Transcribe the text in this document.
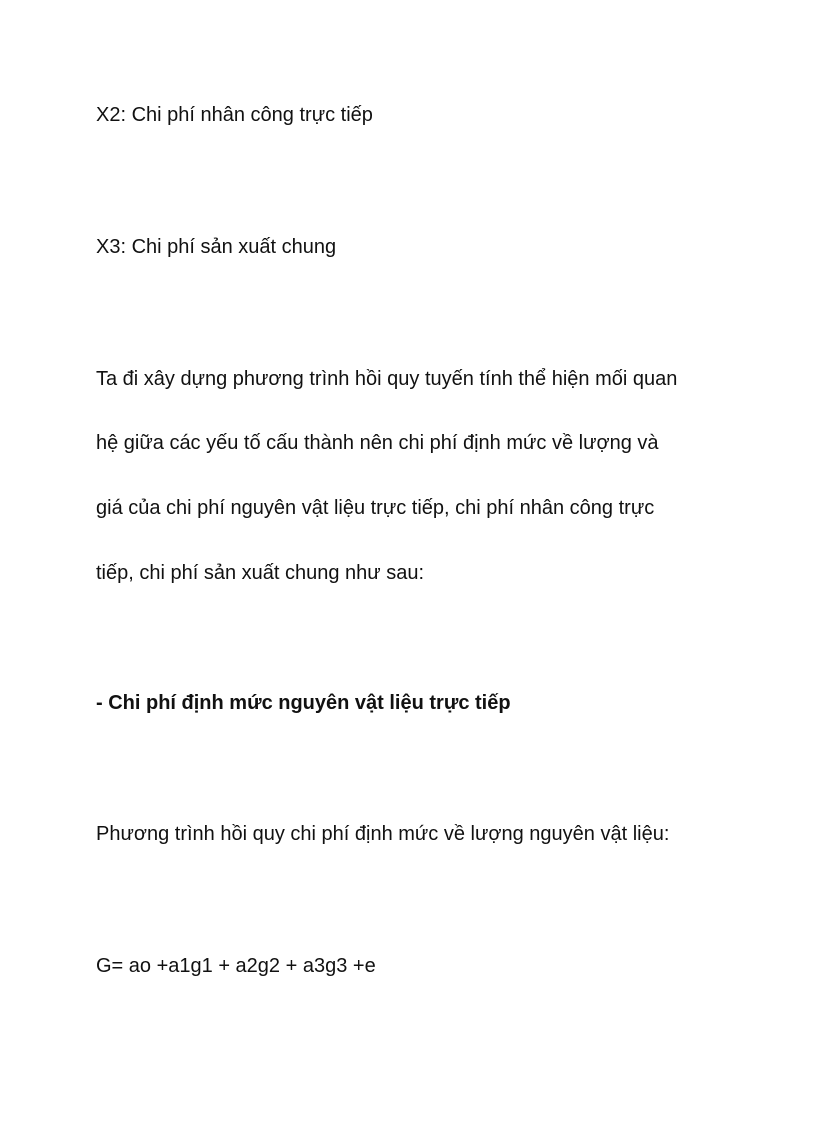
X2: Chi phí nhân công trực tiếp

X3: Chi phí sản xuất chung

Ta đi xây dựng phương trình hồi quy tuyến tính thể hiện mối quan

hệ giữa các yếu tố cấu thành nên chi phí định mức về lượng và

giá của chi phí nguyên vật liệu trực tiếp, chi phí nhân công trực

tiếp, chi phí sản xuất chung như sau:

- Chi phí định mức nguyên vật liệu trực tiếp

Phương trình hồi quy chi phí định mức về lượng nguyên vật liệu:

G= ao +a1g1 + a2g2 + a3g3 +e
